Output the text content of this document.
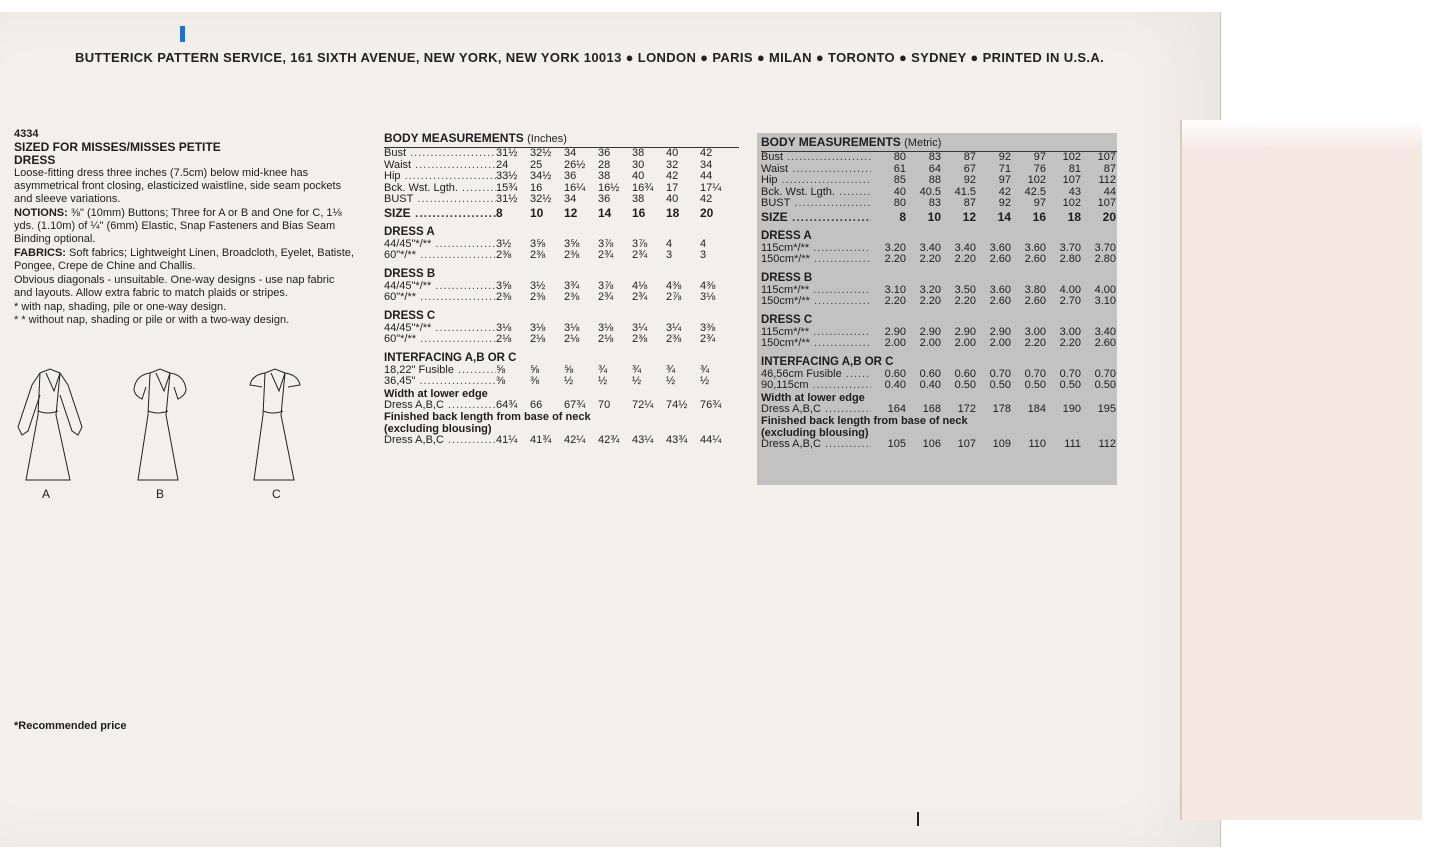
BUTTERICK PATTERN SERVICE, 161 SIXTH AVENUE, NEW YORK, NEW YORK 10013 ● LONDON ● PARIS ● MILAN ● TORONTO ● SYDNEY ● PRINTED IN U.S.A.
4334
SIZED FOR MISSES/MISSES PETITE
DRESS

Loose-fitting dress three inches (7.5cm) below mid-knee has asymmetrical front closing, elasticized waistline, side seam pockets and sleeve variations.

NOTIONS: ⅜" (10mm) Buttons; Three for A or B and One for C, 1⅛ yds. (1.10m) of ¼" (6mm) Elastic, Snap Fasteners and Bias Seam Binding optional.

FABRICS: Soft fabrics; Lightweight Linen, Broadcloth, Eyelet, Batiste, Pongee, Crepe de Chine and Challis.

Obvious diagonals - unsuitable. One-way designs - use nap fabric and layouts. Allow extra fabric to match plaids or stripes.

* with nap, shading, pile or one-way design.

* * without nap, shading or pile or with a two-way design.

A	B	C
*Recommended price
BODY MEASUREMENTS (Inches)
Bust .....	31½	32½	34	36	38	40	42
Waist .....	24	25	26½	28	30	32	34
Hip .....	33½	34½	36	38	40	42	44
Bck. Wst. Lgth. .....	15¾	16	16¼	16½	16¾	17	17¼
BUST .....	31½	32½	34	36	38	40	42
SIZE .....	8	10	12	14	16	18	20
DRESS A
44/45"*/** .....	3½	3⅝	3⅝	3⅞	3⅞	4	4
60"*/** .....	2⅜	2⅜	2⅜	2¾	2¾	3	3
DRESS B
44/45"*/** .....	3⅝	3½	3¾	3⅞	4⅛	4⅜	4⅜
60"*/** .....	2⅜	2⅜	2⅜	2¾	2¾	2⅞	3⅛
DRESS C
44/45"*/** .....	3⅛	3⅛	3⅛	3⅛	3¼	3¼	3⅜
60"*/** .....	2⅛	2⅛	2⅛	2⅛	2⅜	2⅜	2¾
INTERFACING A,B OR C
18,22" Fusible .....	⅝	⅝	⅝	¾	¾	¾	¾
36,45" .....	⅜	⅜	½	½	½	½	½
Width at lower edge
Dress A,B,C .....	64¾	66	67¾	70	72¼	74½	76¾
Finished back length from base of neck
(excluding blousing)
Dress A,B,C .....	41¼	41¾	42¼	42¾	43¼	43¾	44¼
BODY MEASUREMENTS (Metric)
Bust .....	80	83	87	92	97	102	107
Waist .....	61	64	67	71	76	81	87
Hip .....	85	88	92	97	102	107	112
Bck. Wst. Lgth. .....	40	40.5	41.5	42	42.5	43	44
BUST .....	80	83	87	92	97	102	107
SIZE .....	8	10	12	14	16	18	20
DRESS A
115cm*/** .....	3.20	3.40	3.40	3.60	3.60	3.70	3.70
150cm*/** .....	2.20	2.20	2.20	2.60	2.60	2.80	2.80
DRESS B
115cm*/** .....	3.10	3.20	3.50	3.60	3.80	4.00	4.00
150cm*/** .....	2.20	2.20	2.20	2.60	2.60	2.70	3.10
DRESS C
115cm*/** .....	2.90	2.90	2.90	2.90	3.00	3.00	3.40
150cm*/** .....	2.00	2.00	2.00	2.00	2.20	2.20	2.60
INTERFACING A,B OR C
46,56cm Fusible .....	0.60	0.60	0.60	0.70	0.70	0.70	0.70
90,115cm .....	0.40	0.40	0.50	0.50	0.50	0.50	0.50
Width at lower edge
Dress A,B,C .....	164	168	172	178	184	190	195
Finished back length from base of neck
(excluding blousing)
Dress A,B,C .....	105	106	107	109	110	111	112
